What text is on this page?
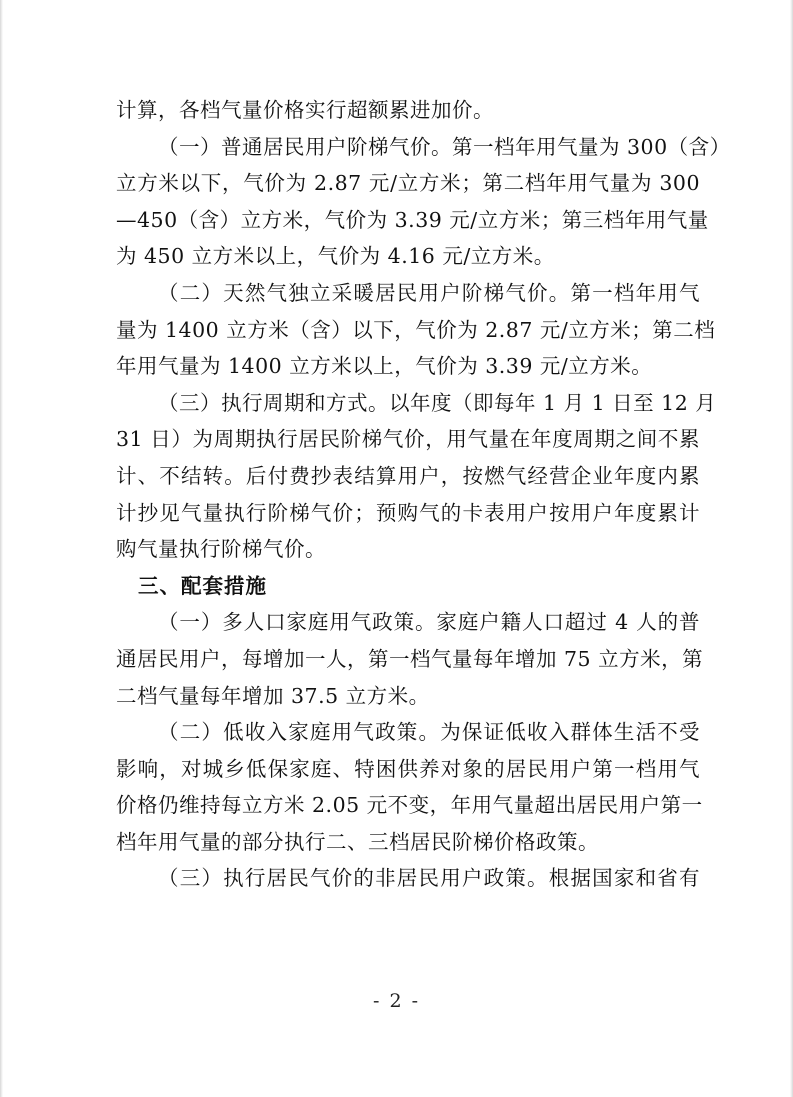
计算，各档气量价格实行超额累进加价。
（一）普通居民用户阶梯气价。第一档年用气量为 300（含）
立方米以下，气价为 2.87 元/立方米；第二档年用气量为 300
—450（含）立方米，气价为 3.39 元/立方米；第三档年用气量
为 450 立方米以上，气价为 4.16 元/立方米。
（二）天然气独立采暖居民用户阶梯气价。第一档年用气
量为 1400 立方米（含）以下，气价为 2.87 元/立方米；第二档
年用气量为 1400 立方米以上，气价为 3.39 元/立方米。
（三）执行周期和方式。以年度（即每年 1 月 1 日至 12 月
31 日）为周期执行居民阶梯气价，用气量在年度周期之间不累
计、不结转。后付费抄表结算用户，按燃气经营企业年度内累
计抄见气量执行阶梯气价；预购气的卡表用户按用户年度累计
购气量执行阶梯气价。
三、配套措施
（一）多人口家庭用气政策。家庭户籍人口超过 4 人的普
通居民用户，每增加一人，第一档气量每年增加 75 立方米，第
二档气量每年增加 37.5 立方米。
（二）低收入家庭用气政策。为保证低收入群体生活不受
影响，对城乡低保家庭、特困供养对象的居民用户第一档用气
价格仍维持每立方米 2.05 元不变，年用气量超出居民用户第一
档年用气量的部分执行二、三档居民阶梯价格政策。
（三）执行居民气价的非居民用户政策。根据国家和省有
- 2 -
